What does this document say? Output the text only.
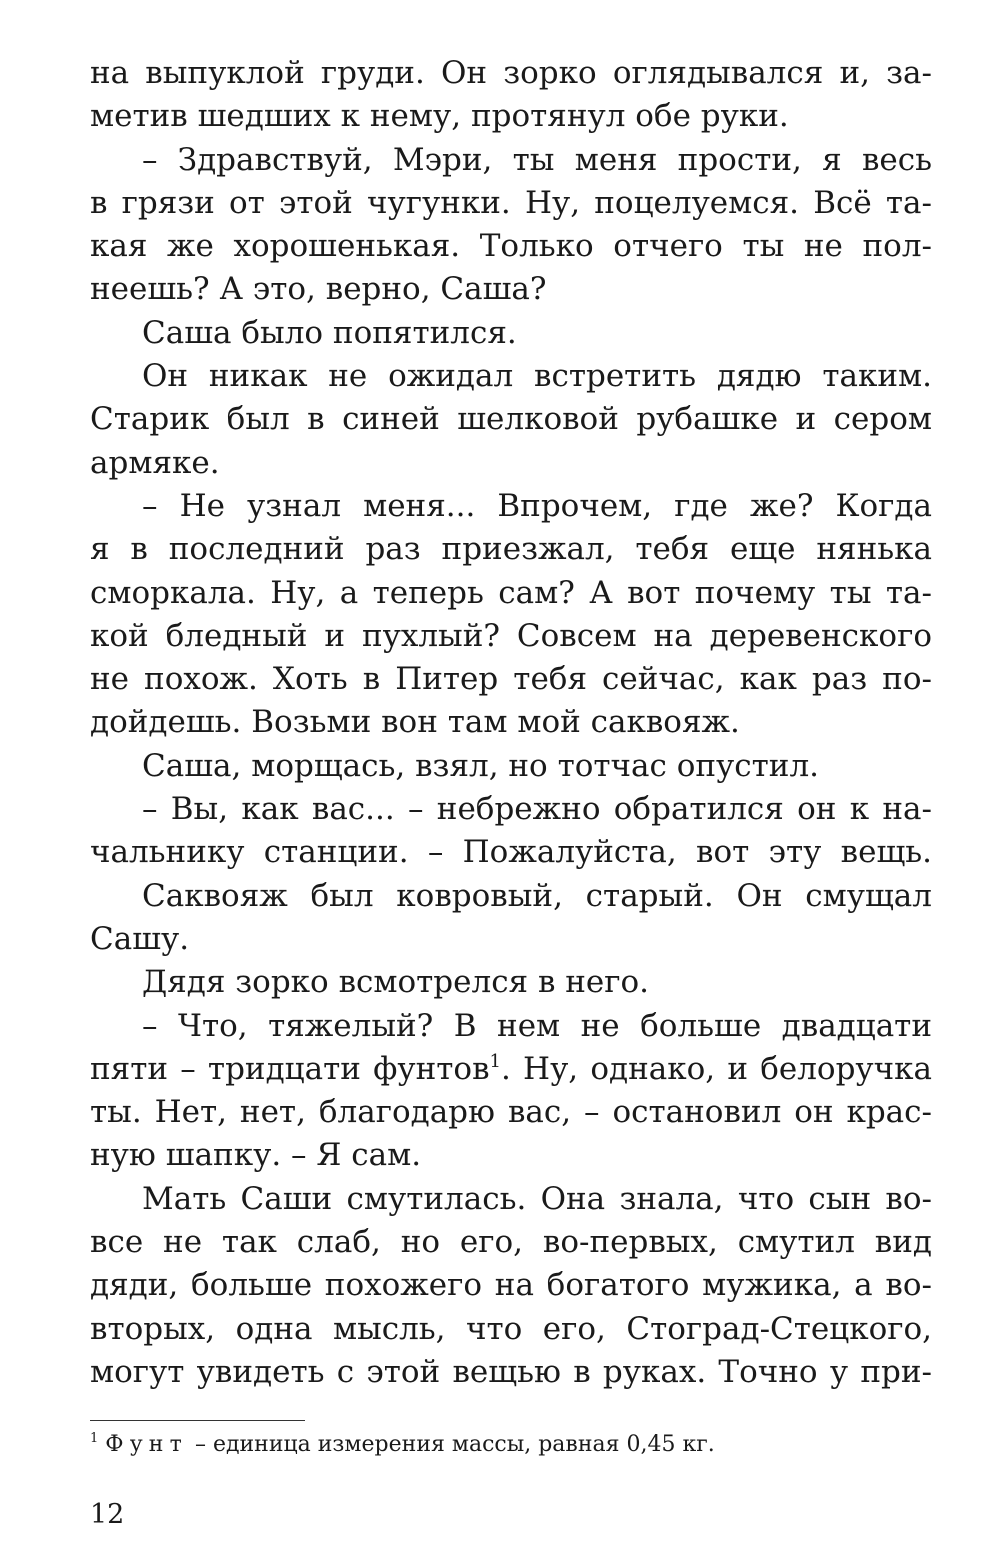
на выпуклой груди. Он зорко оглядывался и, за-
метив шедших к нему, протянул обе руки.
– Здравствуй, Мэри, ты меня прости, я весь
в грязи от этой чугунки. Ну, поцелуемся. Всё та-
кая же хорошенькая. Только отчего ты не пол-
неешь? А это, верно, Саша?
Саша было попятился.
Он никак не ожидал встретить дядю таким.
Старик был в синей шелковой рубашке и сером
армяке.
– Не узнал меня... Впрочем, где же? Когда
я в последний раз приезжал, тебя еще нянька
сморкала. Ну, а теперь сам? А вот почему ты та-
кой бледный и пухлый? Совсем на деревенского
не похож. Хоть в Питер тебя сейчас, как раз по-
дойдешь. Возьми вон там мой саквояж.
Саша, морщась, взял, но тотчас опустил.
– Вы, как вас... – небрежно обратился он к на-
чальнику станции. – Пожалуйста, вот эту вещь.
Саквояж был ковровый, старый. Он смущал
Сашу.
Дядя зорко всмотрелся в него.
– Что, тяжелый? В нем не больше двадцати
пяти – тридцати фунтов$^1$. Ну, однако, и белоручка
ты. Нет, нет, благодарю вас, – остановил он крас-
ную шапку. – Я сам.
Мать Саши смутилась. Она знала, что сын во-
все не так слаб, но его, во-первых, смутил вид
дяди, больше похожего на богатого мужика, а во-
вторых, одна мысль, что его, Стоград-Стецкого,
могут увидеть с этой вещью в руках. Точно у при-
$^1$ Фунт – единица измерения массы, равная 0,45 кг.
12
